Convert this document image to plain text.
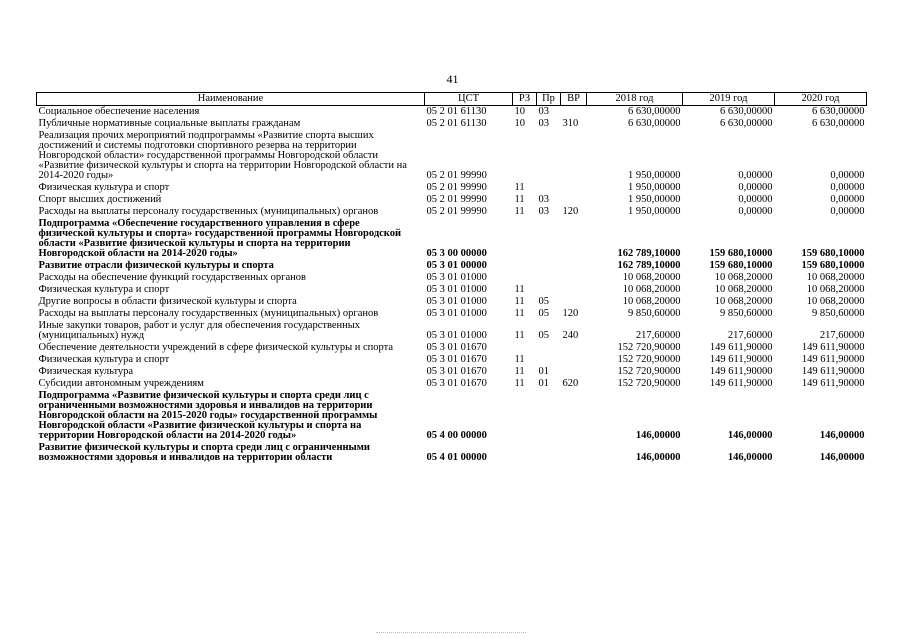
41
Наименование	ЦСТ	РЗ	Пр	ВР	2018 год	2019 год	2020 год
Социальное обеспечение населения	05 2 01 61130	10	03		6 630,00000	6 630,00000	6 630,00000
Публичные нормативные социальные выплаты гражданам	05 2 01 61130	10	03	310	6 630,00000	6 630,00000	6 630,00000
Реализация прочих мероприятий подпрограммы «Развитие спорта высших достижений и системы подготовки спортивного резерва на территории Новгородской области» государственной программы Новгородской области «Развитие физической культуры и спорта на территории Новгородской области на 2014-2020 годы»	05 2 01 99990				1 950,00000	0,00000	0,00000
Физическая культура и спорт	05 2 01 99990	11			1 950,00000	0,00000	0,00000
Спорт высших достижений	05 2 01 99990	11	03		1 950,00000	0,00000	0,00000
Расходы на выплаты персоналу государственных (муниципальных) органов	05 2 01 99990	11	03	120	1 950,00000	0,00000	0,00000
Подпрограмма «Обеспечение государственного управления в сфере физической культуры и спорта» государственной программы Новгородской области «Развитие физической культуры и спорта на территории Новгородской области на 2014-2020 годы»	05 3 00 00000				162 789,10000	159 680,10000	159 680,10000
Развитие отрасли физической культуры и спорта	05 3 01 00000				162 789,10000	159 680,10000	159 680,10000
Расходы на обеспечение функций государственных органов	05 3 01 01000				10 068,20000	10 068,20000	10 068,20000
Физическая культура и спорт	05 3 01 01000	11			10 068,20000	10 068,20000	10 068,20000
Другие вопросы в области физической культуры и спорта	05 3 01 01000	11	05		10 068,20000	10 068,20000	10 068,20000
Расходы на выплаты персоналу государственных (муниципальных) органов	05 3 01 01000	11	05	120	9 850,60000	9 850,60000	9 850,60000
Иные закупки товаров, работ и услуг для обеспечения государственных (муниципальных) нужд	05 3 01 01000	11	05	240	217,60000	217,60000	217,60000
Обеспечение деятельности учреждений в сфере физической культуры и спорта	05 3 01 01670				152 720,90000	149 611,90000	149 611,90000
Физическая культура и спорт	05 3 01 01670	11			152 720,90000	149 611,90000	149 611,90000
Физическая культура	05 3 01 01670	11	01		152 720,90000	149 611,90000	149 611,90000
Субсидии автономным учреждениям	05 3 01 01670	11	01	620	152 720,90000	149 611,90000	149 611,90000
Подпрограмма «Развитие физической культуры и спорта среди лиц с ограниченными возможностями здоровья и инвалидов на территории Новгородской области на 2015-2020 годы» государственной программы Новгородской области «Развитие физической культуры и спорта на территории Новгородской области на 2014-2020 годы»	05 4 00 00000				146,00000	146,00000	146,00000
Развитие физической культуры и спорта среди лиц с ограниченными возможностями здоровья и инвалидов на территории области	05 4 01 00000				146,00000	146,00000	146,00000
